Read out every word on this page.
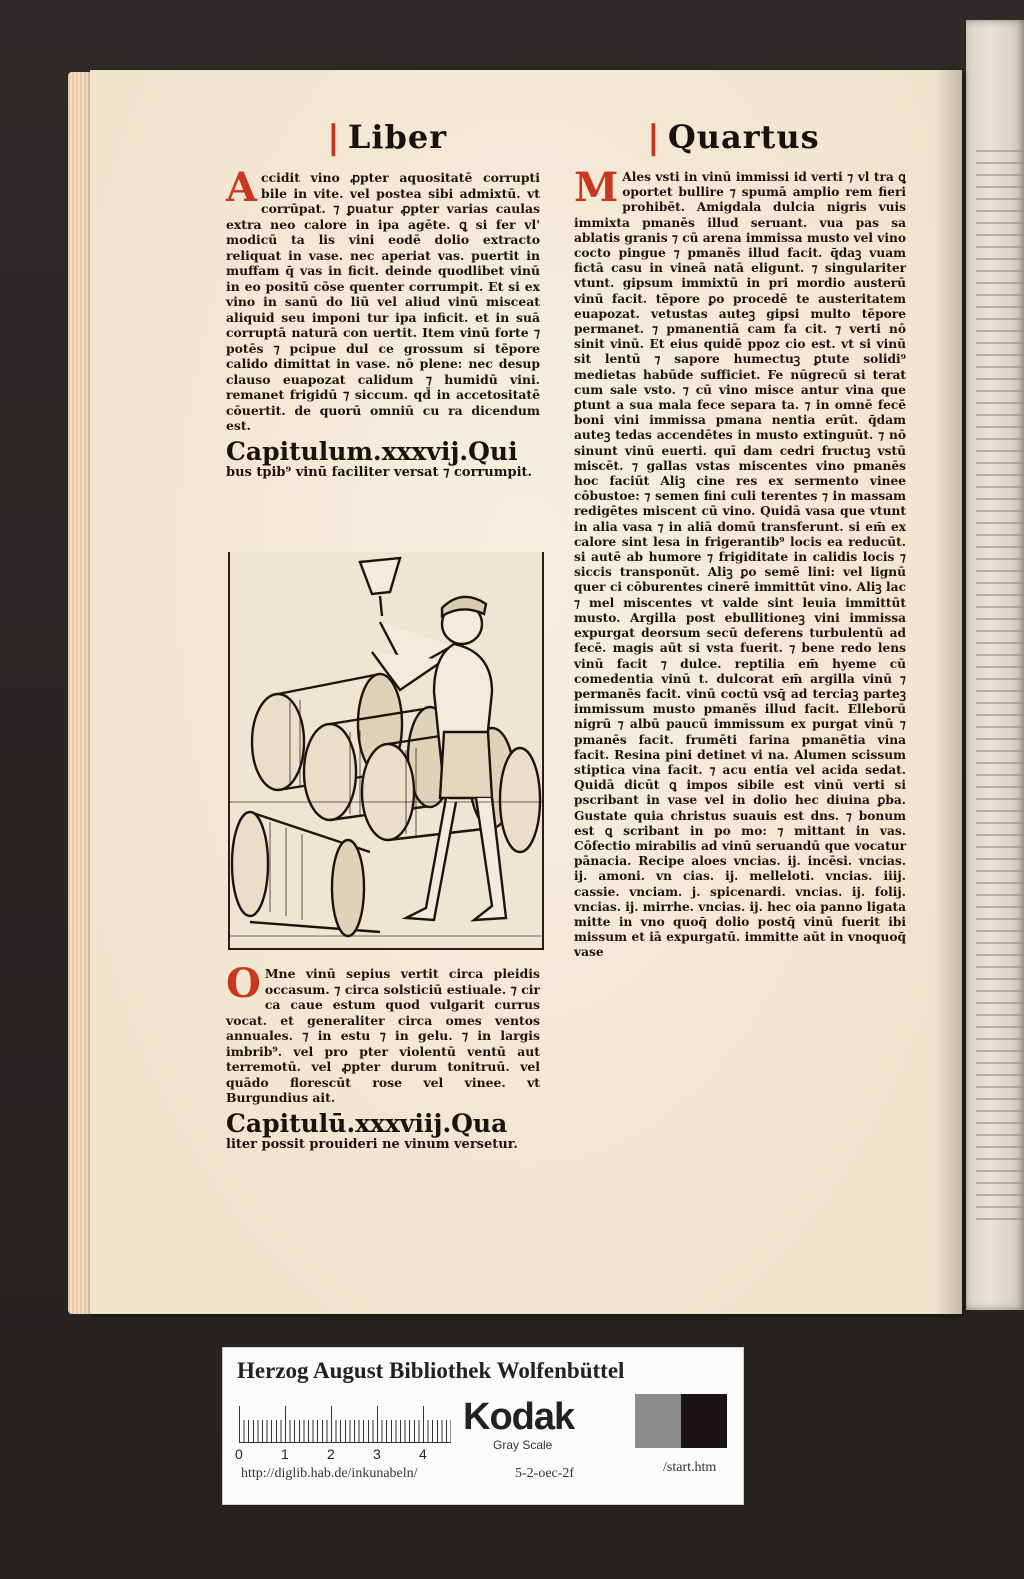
❘Liber	❘Quartus

Accidit vino ꝓpter aquositatē corrupti bile in vite. vel postea sibi admixtū. vt corrūpat. ⁊ ꝑuatur ꝓpter varias caulas extra neo calore in ipa agēte. ꝗ si fer vl' modicū ta lis vini eodē dolio extracto reliquat in vase. nec aperiat vas. puertit in muffam q̄ vas in ficit. deinde quodlibet vinū in eo positū cōse quenter corrumpit. Et si ex vino in sanū do liū vel aliud vinū misceat aliquid seu imponi tur ipa inficit. et in suā corruptā naturā con uertit. Item vinū forte ⁊ potēs ⁊ pcipue dul ce grossum si tēpore calido dimittat in vase. nō plene: nec desup clauso euapozat calidum ⁊ humidū vini. remanet frigidū ⁊ siccum. qd̄ in accetositatē cōuertit. de quorū omniū cu ra dicendum est.

Capitulum.xxxvij.Qui
bus tpib⁹ vinū faciliter versat ⁊ corrumpit.

O Mne vinū sepius vertit circa pleidis occasum. ⁊ circa solsticiū estiuale. ⁊ cir ca caue estum quod vulgarit currus vocat. et generaliter circa omes ventos annuales. ⁊ in estu ⁊ in gelu. ⁊ in largis imbrib⁹. vel pro pter violentū ventū aut terremotū. vel ꝓpter durum tonitruū. vel quādo florescūt rose vel vinee. vt Burgundius ait.

Capitulū.xxxviij.Qua
liter possit prouideri ne vinum versetur.

M Ales vsti in vinū immissi id verti ⁊ vl tra ꝗ oportet bullire ⁊ spumā amplio rem fieri prohibēt. Amigdala dulcia nigris vuis immixta pmanēs illud seruant. vua pas sa ablatis granis ⁊ cū arena immissa musto vel vino cocto pingue ⁊ pmanēs illud facit. q̄daꝫ vuam fictā casu in vineā natā eligunt. ⁊ singulariter vtunt. gipsum immixtū in pri mordio austerū vinū facit. tēpore ꝑo procedē te austeritatem euapozat. vetustas auteꝫ gipsi multo tēpore permanet. ⁊ pmanentiā cam fa cit. ⁊ verti nō sinit vinū. Et eius quidē ppoz cio est. vt si vinū sit lentū ⁊ sapore humectuꝫ ꝑtute solidi⁹ medietas habūde sufficiet. Fe nūgrecū si terat cum sale vsto. ⁊ cū vino misce antur vina que ꝑtunt a sua mala fece separa ta. ⁊ in omnē fecē boni vini immissa pmana nentia erūt. q̄dam auteꝫ tedas accendētes in musto extinguūt. ⁊ nō sinunt vinū euerti. quī dam cedri fructuꝫ vstū miscēt. ⁊ gallas vstas miscentes vino pmanēs hoc faciūt Aliꝫ cine res ex sermento vinee cōbustoe: ⁊ semen fini culi terentes ⁊ in massam redigētes miscent cū vino. Quidā vasa que vtunt in alia vasa ⁊ in aliā domū transferunt. si em̄ ex calore sint lesa in frigerantib⁹ locis ea reducūt. si autē ab humore ⁊ frigiditate in calidis locis ⁊ siccis transponūt. Aliꝫ ꝑo semē lini: vel lignū quer ci cōburentes cinerē immittūt vino. Aliꝫ lac ⁊ mel miscentes vt valde sint leuia immittūt musto. Argilla post ebullitioneꝫ vini immissa expurgat deorsum secū deferens turbulentū ad fecē. magis aūt si vsta fuerit. ⁊ bene redo lens vinū facit ⁊ dulce. reptilia em̄ hyeme cū comedentia vinū t. dulcorat em̄ argilla vinū ⁊ permanēs facit. vinū coctū vsq̄ ad terciaꝫ parteꝫ immissum musto pmanēs illud facit. Elleborū nigrū ⁊ albū paucū immissum ex purgat vinū ⁊ pmanēs facit. frumēti farina pmanētia vina facit. Resina pini detinet vi na. Alumen scissum stiptica vina facit. ⁊ acu entia vel acida sedat. Quidā dicūt ꝗ impos sibile est vinū verti si pscribant in vase vel in dolio hec diuina ꝑba. Gustate quia christus suauis est dns. ⁊ bonum est ꝗ scribant in po mo: ⁊ mittant in vas. Cōfectio mirabilis ad vinū seruandū que vocatur pānacia. Recipe aloes vncias. ij. incēsi. vncias. ij. amoni. vn cias. ij. melleloti. vncias. iiij. cassie. vnciam. j. spicenardi. vncias. ij. folij. vncias. ij. mirrhe. vncias. ij. hec oia panno ligata mitte in vno quoq̄ dolio postq̄ vinū fuerit ibi missum et iā expurgatū. immitte aūt in vnoquoq̄ vase

Herzog August Bibliothek Wolfenbüttel
0	1	2	3	4
Kodak
Gray Scale
http://diglib.hab.de/inkunabeln/	5-2-oec-2f	/start.htm
